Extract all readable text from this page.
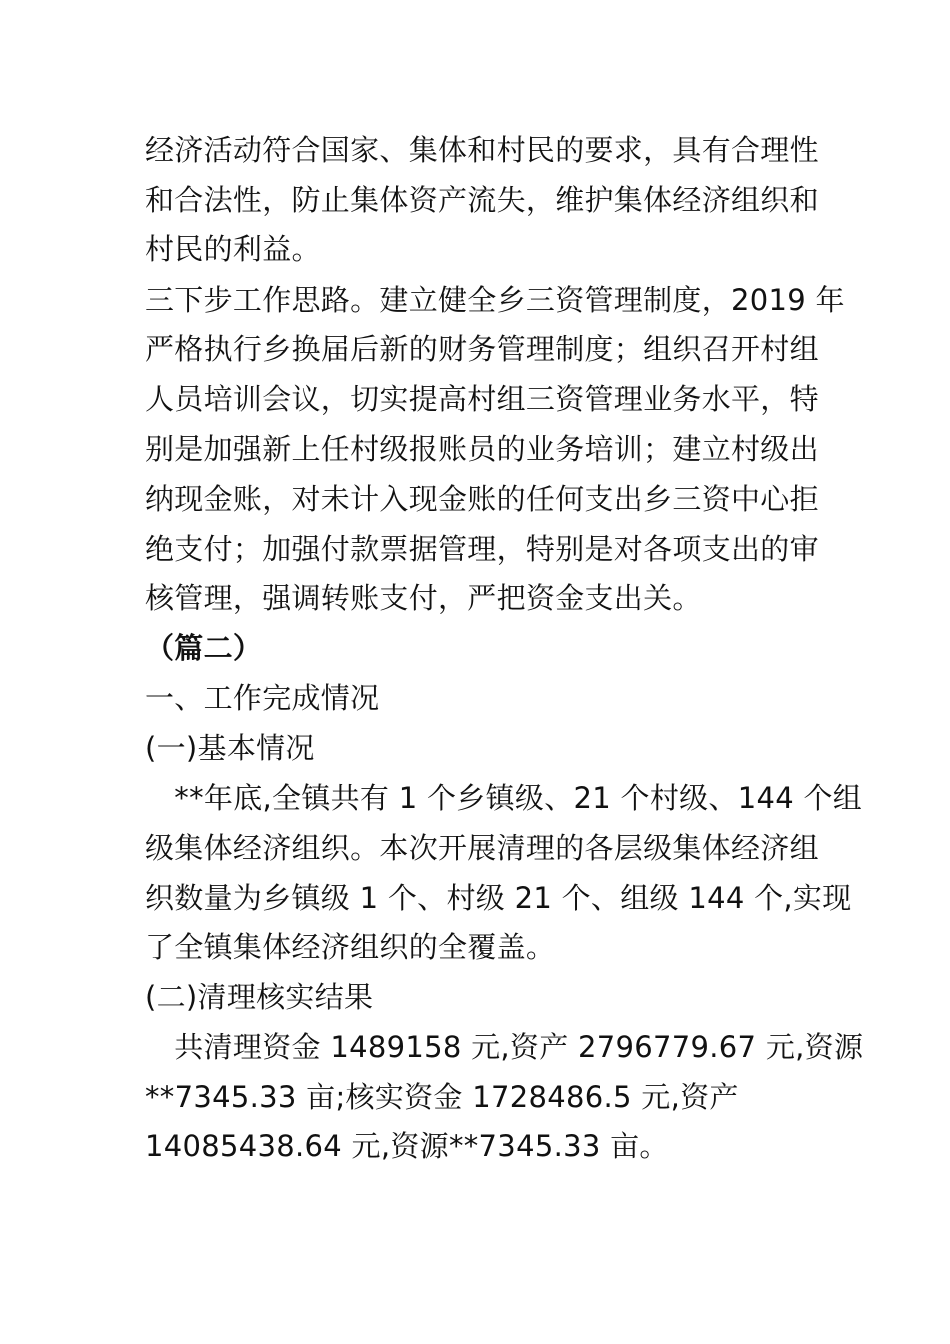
经济活动符合国家、集体和村民的要求，具有合理性
和合法性，防止集体资产流失，维护集体经济组织和
村民的利益。
三下步工作思路。建立健全乡三资管理制度，2019 年
严格执行乡换届后新的财务管理制度；组织召开村组
人员培训会议，切实提高村组三资管理业务水平，特
别是加强新上任村级报账员的业务培训；建立村级出
纳现金账，对未计入现金账的任何支出乡三资中心拒
绝支付；加强付款票据管理，特别是对各项支出的审
核管理，强调转账支付，严把资金支出关。
（篇二）
一、工作完成情况
(一)基本情况
　**年底,全镇共有 1 个乡镇级、21 个村级、144 个组
级集体经济组织。本次开展清理的各层级集体经济组
织数量为乡镇级 1 个、村级 21 个、组级 144 个,实现
了全镇集体经济组织的全覆盖。
(二)清理核实结果
　共清理资金 1489158 元,资产 2796779.67 元,资源
**7345.33 亩;核实资金 1728486.5 元,资产
14085438.64 元,资源**7345.33 亩。
